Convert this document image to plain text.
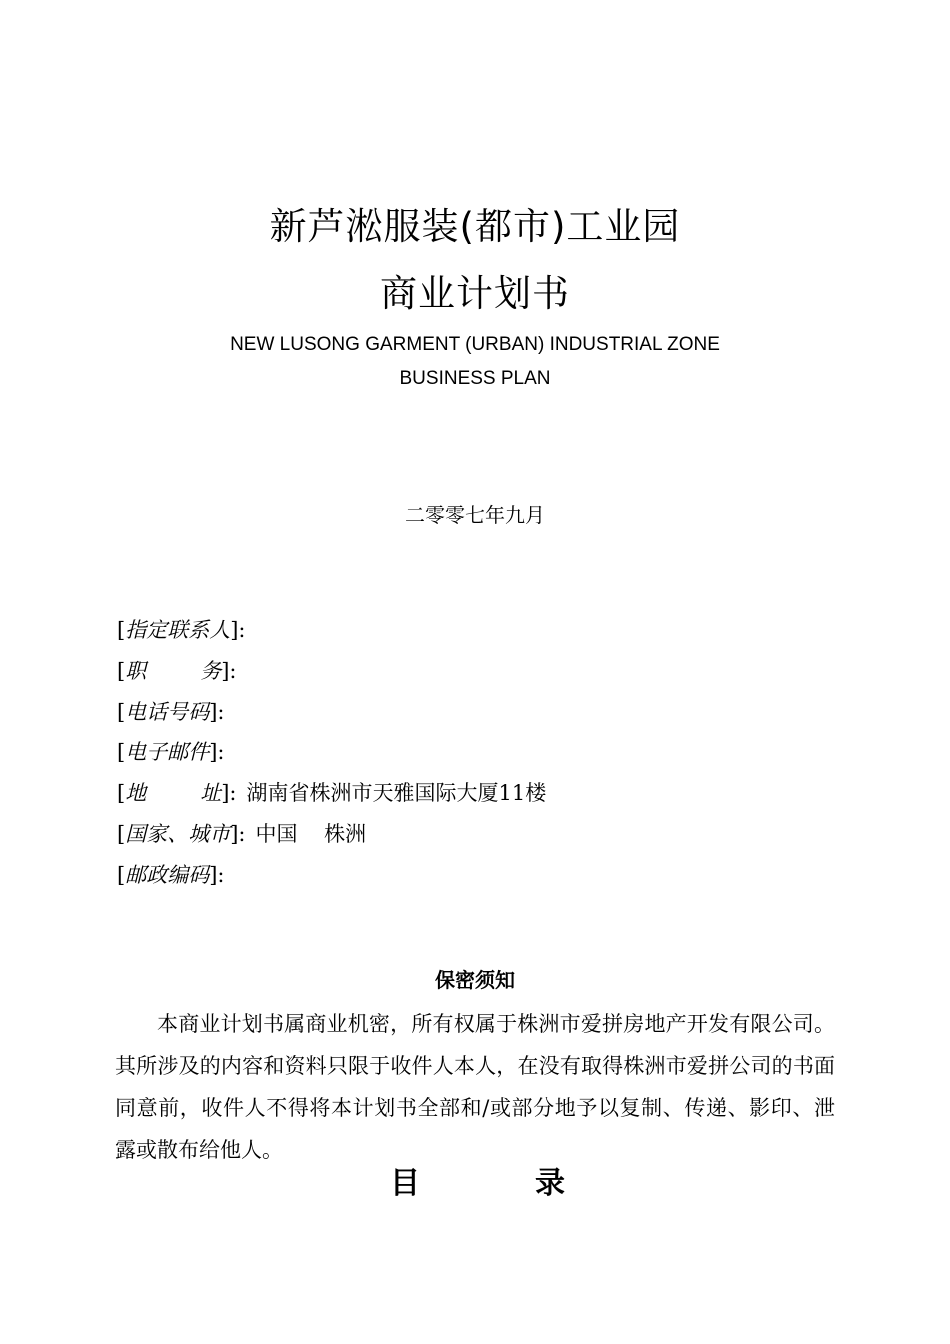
新芦淞服装(都市)工业园
商业计划书
NEW LUSONG GARMENT (URBAN) INDUSTRIAL ZONE
BUSINESS PLAN
二零零七年九月
[指定联系人]:
[职务]:
[电话号码]:
[电子邮件]:
[地址]: 湖南省株洲市天雅国际大厦11楼
[国家、城市]: 中国    株洲
[邮政编码]:
保密须知
本商业计划书属商业机密，所有权属于株洲市爱拼房地产开发有限公司。其所涉及的内容和资料只限于收件人本人，在没有取得株洲市爱拼公司的书面同意前，收件人不得将本计划书全部和/或部分地予以复制、传递、影印、泄露或散布给他人。
目录
